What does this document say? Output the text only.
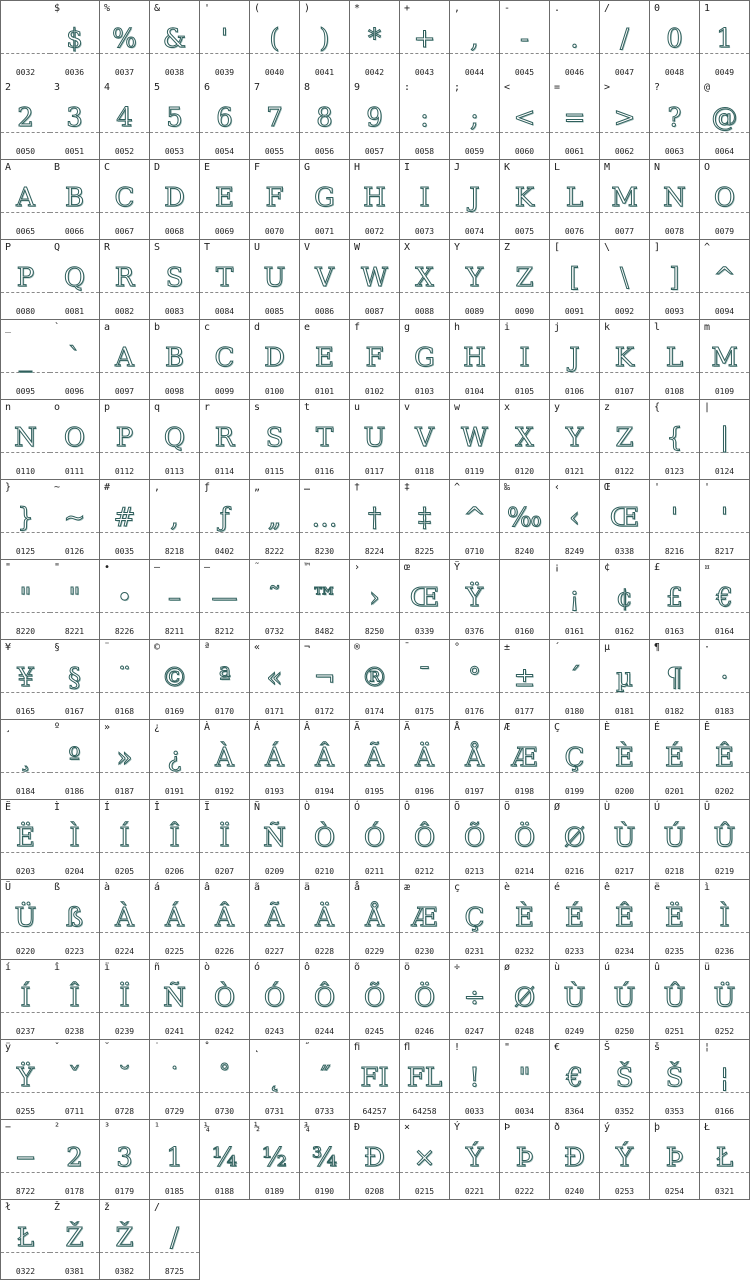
0032
$
$
0036
%
%
0037
&
&
0038
'
'
0039
(
(
0040
)
)
0041
*
*
0042
+
+
0043
,
,
0044
-
-
0045
.
.
0046
/
/
0047
0
0
0048
1
1
0049
2
2
0050
3
3
0051
4
4
0052
5
5
0053
6
6
0054
7
7
0055
8
8
0056
9
9
0057
:
:
0058
;
;
0059
<
<
0060
=
=
0061
>
>
0062
?
?
0063
@
@
0064
A
A
0065
B
B
0066
C
C
0067
D
D
0068
E
E
0069
F
F
0070
G
G
0071
H
H
0072
I
I
0073
J
J
0074
K
K
0075
L
L
0076
M
M
0077
N
N
0078
O
O
0079
P
P
0080
Q
Q
0081
R
R
0082
S
S
0083
T
T
0084
U
U
0085
V
V
0086
W
W
0087
X
X
0088
Y
Y
0089
Z
Z
0090
[
[
0091
\
\
0092
]
]
0093
^
^
0094
_
_
0095
`
`
0096
a
A
0097
b
B
0098
c
C
0099
d
D
0100
e
E
0101
f
F
0102
g
G
0103
h
H
0104
i
I
0105
j
J
0106
k
K
0107
l
L
0108
m
M
0109
n
N
0110
o
O
0111
p
P
0112
q
Q
0113
r
R
0114
s
S
0115
t
T
0116
u
U
0117
v
V
0118
w
W
0119
x
X
0120
y
Y
0121
z
Z
0122
{
{
0123
|
|
0124
}
}
0125
~
~
0126
#
#
0035
,
,
8218
ƒ
ƒ
0402
„
„
8222
…
…
8230
†
†
8224
‡
‡
8225
^
^
0710
‰
‰
8240
‹
‹
8249
Œ
Œ
0338
'
'
8216
'
'
8217
"
"
8220
"
"
8221
•
•
8226
–
–
8211
—
—
8212
˜
˜
0732
™
™
8482
›
›
8250
œ
Œ
0339
Ÿ
Ÿ
0376	0160
¡
¡
0161
¢
¢
0162
£
£
0163
¤
€
0164
¥
¥
0165
§
§
0167
¨
¨
0168
©
©
0169
ª
ª
0170
«
«
0171
¬
¬
0172
®
®
0174
¯
¯
0175
°
°
0176
±
±
0177
´
´
0180
µ
µ
0181
¶
¶
0182
·
·
0183
¸
¸
0184
º
º
0186
»
»
0187
¿
¿
0191
À
À
0192
Á
Á
0193
Â
Â
0194
Ã
Ã
0195
Ä
Ä
0196
Å
Å
0197
Æ
Æ
0198
Ç
Ç
0199
È
È
0200
É
É
0201
Ê
Ê
0202
Ë
Ë
0203
Ì
Ì
0204
Í
Í
0205
Î
Î
0206
Ï
Ï
0207
Ñ
Ñ
0209
Ò
Ò
0210
Ó
Ó
0211
Ô
Ô
0212
Õ
Õ
0213
Ö
Ö
0214
Ø
Ø
0216
Ù
Ù
0217
Ú
Ú
0218
Û
Û
0219
Ü
Ü
0220
ß
ß
0223
à
À
0224
á
Á
0225
â
Â
0226
ã
Ã
0227
ä
Ä
0228
å
Å
0229
æ
Æ
0230
ç
Ç
0231
è
È
0232
é
É
0233
ê
Ê
0234
ë
Ë
0235
ì
Ì
0236
í
Í
0237
î
Î
0238
ï
Ï
0239
ñ
Ñ
0241
ò
Ò
0242
ó
Ó
0243
ô
Ô
0244
õ
Õ
0245
ö
Ö
0246
÷
÷
0247
ø
Ø
0248
ù
Ù
0249
ú
Ú
0250
û
Û
0251
ü
Ü
0252
ÿ
Ÿ
0255
ˇ
ˇ
0711
˘
˘
0728
˙
˙
0729
˚
˚
0730
˛
˛
0731
˝
˝
0733
ﬁ
FI
64257
ﬂ
FL
64258
!
!
0033
"
"
0034
€
€
8364
Š
Š
0352
š
Š
0353
¦
¦
0166
−
−
8722
²
2
0178
³
3
0179
¹
1
0185
¼
¼
0188
½
½
0189
¾
¾
0190
Ð
Ð
0208
×
×
0215
Ý
Ý
0221
Þ
Þ
0222
ð
Ð
0240
ý
Ý
0253
þ
Þ
0254
Ł
Ł
0321
ł
Ł
0322
Ž
Ž
0381
ž
Ž
0382
/
/
8725
